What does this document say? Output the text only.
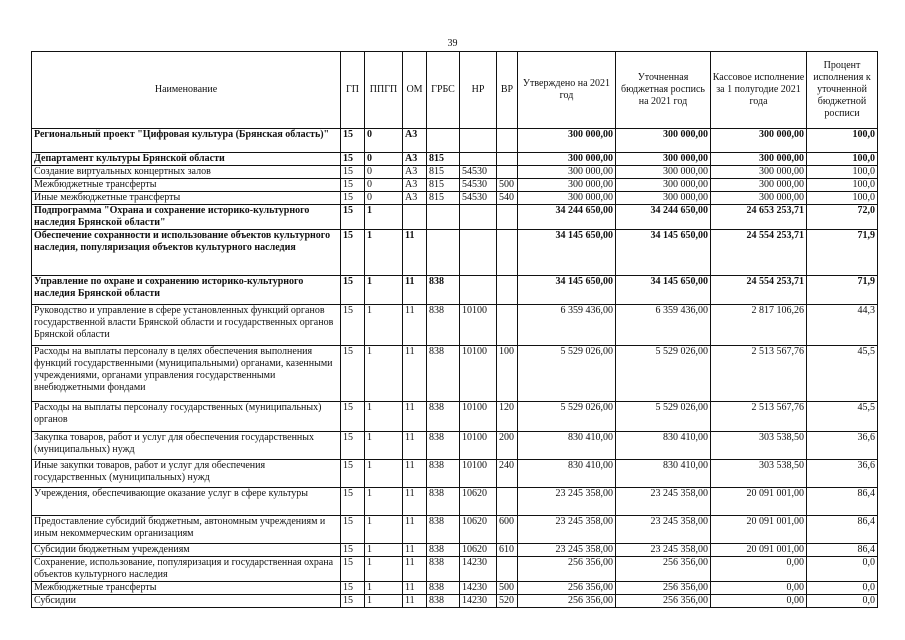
39
Наименование	ГП	ППГП	ОМ	ГРБС	НР	ВР	Утверждено на 2021 год	Уточненная бюджетная роспись на 2021 год	Кассовое исполнение за 1 полугодие 2021 года	Процент исполнения к уточненной бюджетной росписи
Региональный проект "Цифровая культура (Брянская область)"	15	0	A3				300 000,00	300 000,00	300 000,00	100,0
Департамент культуры Брянской области	15	0	A3	815			300 000,00	300 000,00	300 000,00	100,0
Создание виртуальных концертных залов	15	0	A3	815	54530		300 000,00	300 000,00	300 000,00	100,0
Межбюджетные трансферты	15	0	A3	815	54530	500	300 000,00	300 000,00	300 000,00	100,0
Иные межбюджетные трансферты	15	0	A3	815	54530	540	300 000,00	300 000,00	300 000,00	100,0
Подпрограмма "Охрана и сохранение историко-культурного наследия Брянской области"	15	1					34 244 650,00	34 244 650,00	24 653 253,71	72,0
Обеспечение сохранности и использование объектов культурного наследия, популяризация объектов культурного наследия	15	1	11				34 145 650,00	34 145 650,00	24 554 253,71	71,9
Управление по охране и сохранению историко-культурного наследия Брянской области	15	1	11	838			34 145 650,00	34 145 650,00	24 554 253,71	71,9
Руководство и управление в сфере установленных функций органов государственной власти Брянской области и государственных органов Брянской области	15	1	11	838	10100		6 359 436,00	6 359 436,00	2 817 106,26	44,3
Расходы на выплаты персоналу в целях обеспечения выполнения функций государственными (муниципальными) органами, казенными учреждениями, органами управления государственными внебюджетными фондами	15	1	11	838	10100	100	5 529 026,00	5 529 026,00	2 513 567,76	45,5
Расходы на выплаты персоналу государственных (муниципальных) органов	15	1	11	838	10100	120	5 529 026,00	5 529 026,00	2 513 567,76	45,5
Закупка товаров, работ и услуг для обеспечения государственных (муниципальных) нужд	15	1	11	838	10100	200	830 410,00	830 410,00	303 538,50	36,6
Иные закупки товаров, работ и услуг для обеспечения государственных (муниципальных) нужд	15	1	11	838	10100	240	830 410,00	830 410,00	303 538,50	36,6
Учреждения, обеспечивающие оказание услуг в сфере культуры	15	1	11	838	10620		23 245 358,00	23 245 358,00	20 091 001,00	86,4
Предоставление субсидий бюджетным, автономным учреждениям и иным некоммерческим организациям	15	1	11	838	10620	600	23 245 358,00	23 245 358,00	20 091 001,00	86,4
Субсидии бюджетным учреждениям	15	1	11	838	10620	610	23 245 358,00	23 245 358,00	20 091 001,00	86,4
Сохранение, использование, популяризация и государственная охрана объектов культурного наследия	15	1	11	838	14230		256 356,00	256 356,00	0,00	0,0
Межбюджетные трансферты	15	1	11	838	14230	500	256 356,00	256 356,00	0,00	0,0
Субсидии	15	1	11	838	14230	520	256 356,00	256 356,00	0,00	0,0
